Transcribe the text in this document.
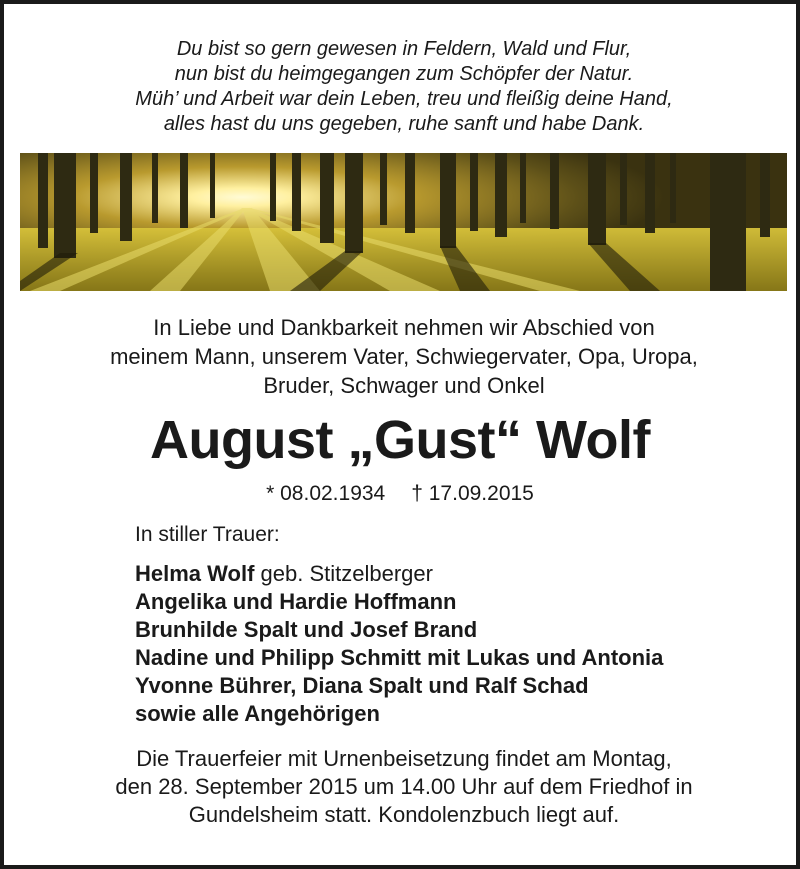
Du bist so gern gewesen in Feldern, Wald und Flur,
nun bist du heimgegangen zum Schöpfer der Natur.
Müh’ und Arbeit war dein Leben, treu und fleißig deine Hand,
alles hast du uns gegeben, ruhe sanft und habe Dank.
In Liebe und Dankbarkeit nehmen wir Abschied von
meinem Mann, unserem Vater, Schwiegervater, Opa, Uropa,
Bruder, Schwager und Onkel
August „Gust“ Wolf
* 08.02.1934 † 17.09.2015
In stiller Trauer:
Helma Wolf geb. Stitzelberger
Angelika und Hardie Hoffmann
Brunhilde Spalt und Josef Brand
Nadine und Philipp Schmitt mit Lukas und Antonia
Yvonne Bührer, Diana Spalt und Ralf Schad
sowie alle Angehörigen
Die Trauerfeier mit Urnenbeisetzung findet am Montag,
den 28. September 2015 um 14.00 Uhr auf dem Friedhof in
Gundelsheim statt. Kondolenzbuch liegt auf.
